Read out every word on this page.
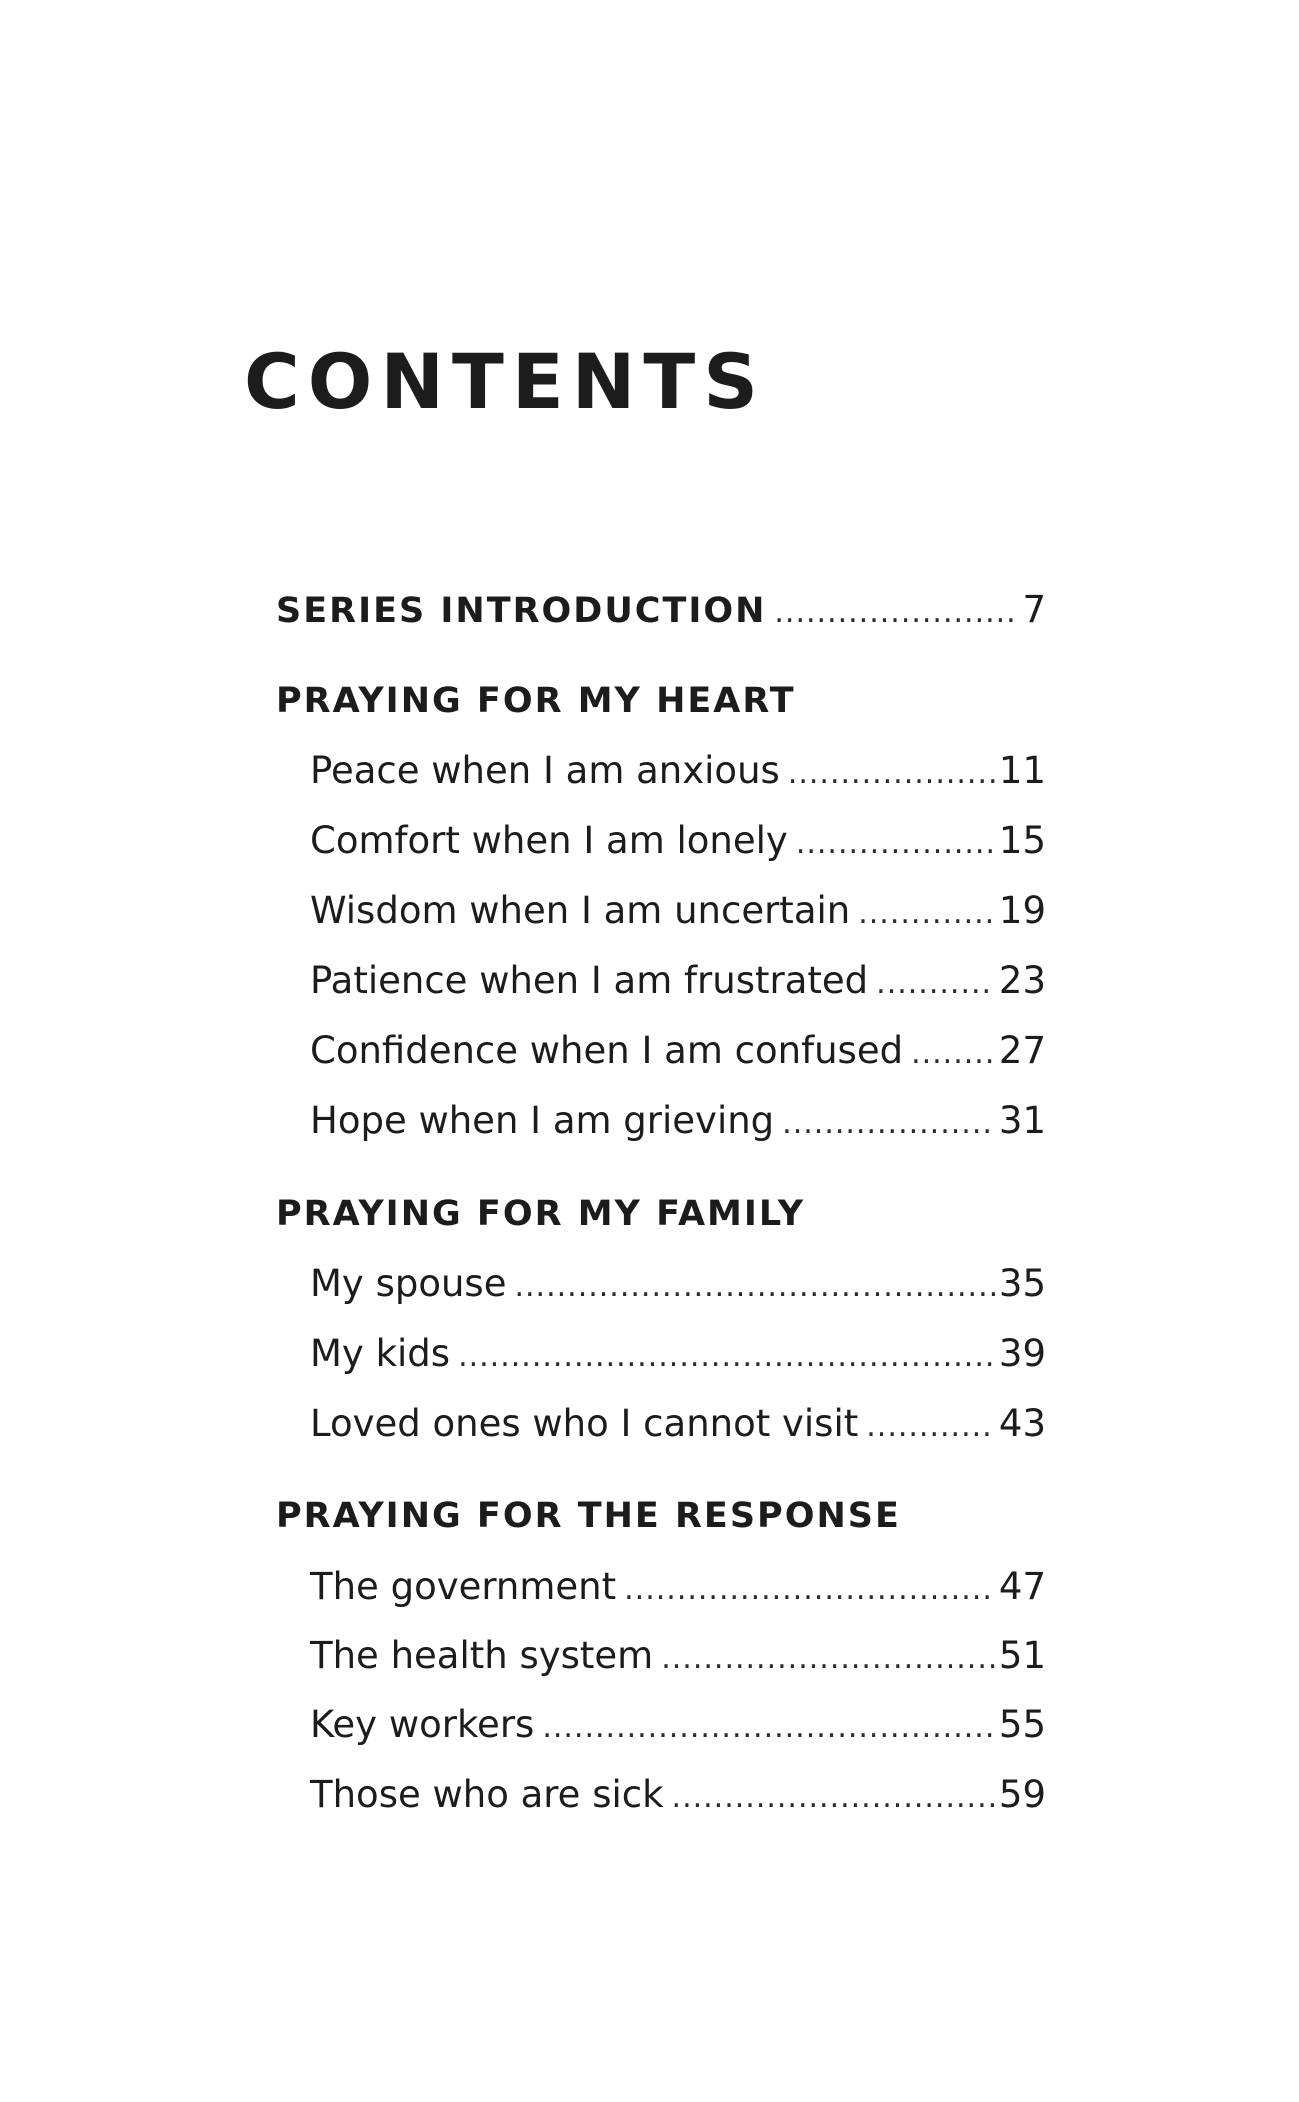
CONTENTS
SERIES INTRODUCTION .....	7
PRAYING FOR MY HEART
Peace when I am anxious .....	11
Comfort when I am lonely .....	15
Wisdom when I am uncertain .....	19
Patience when I am frustrated .....	23
Confidence when I am confused .....	27
Hope when I am grieving .....	31
PRAYING FOR MY FAMILY
My spouse .....	35
My kids .....	39
Loved ones who I cannot visit .....	43
PRAYING FOR THE RESPONSE
The government .....	47
The health system .....	51
Key workers .....	55
Those who are sick .....	59
